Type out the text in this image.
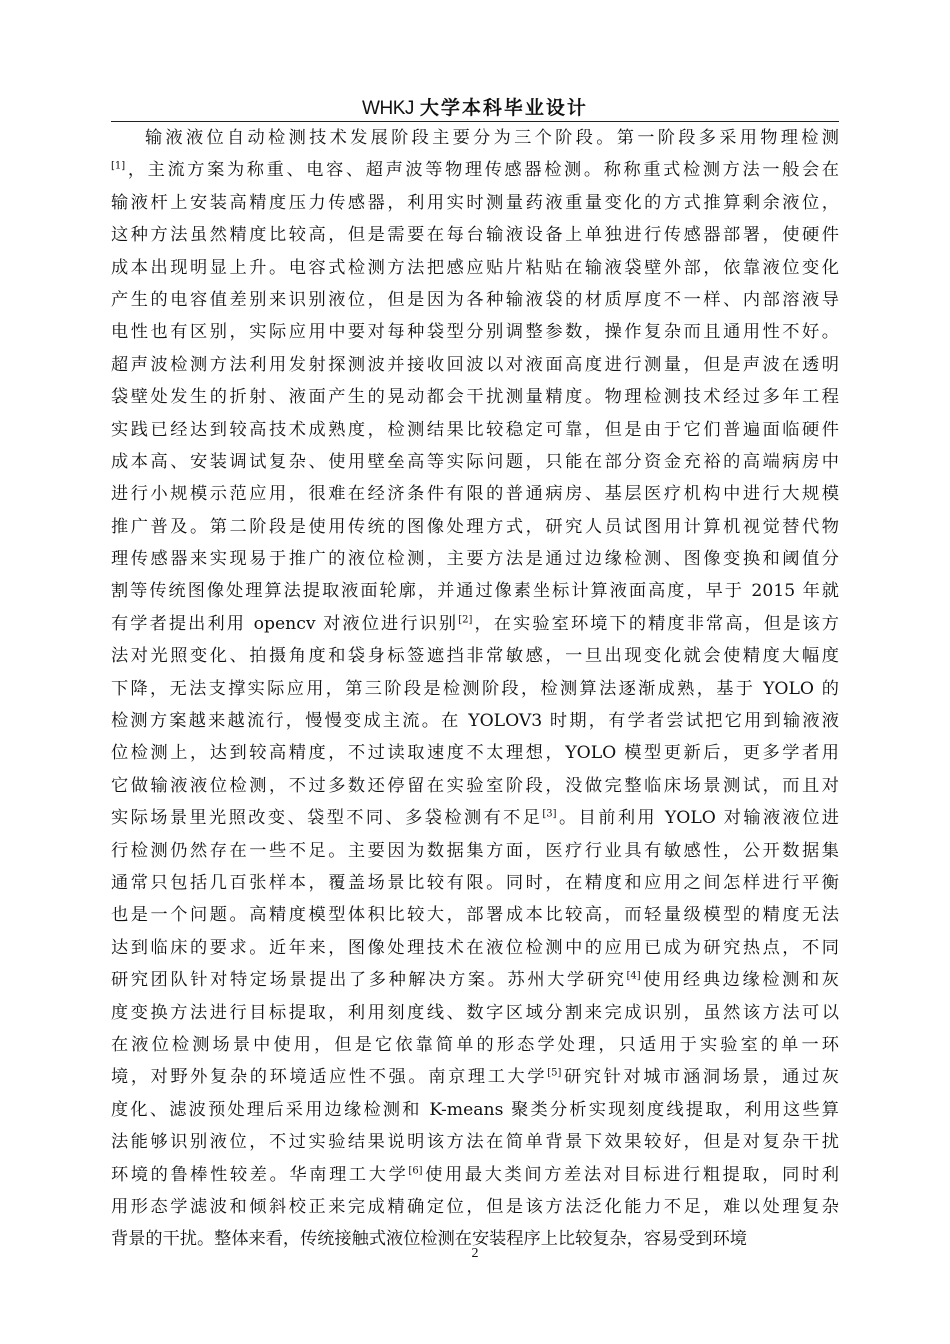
WHKJ 大学本科毕业设计
输液液位自动检测技术发展阶段主要分为三个阶段。第一阶段多采用物理检测
[1]，主流方案为称重、电容、超声波等物理传感器检测。称称重式检测方法一般会在
输液杆上安装高精度压力传感器，利用实时测量药液重量变化的方式推算剩余液位，
这种方法虽然精度比较高，但是需要在每台输液设备上单独进行传感器部署，使硬件
成本出现明显上升。电容式检测方法把感应贴片粘贴在输液袋壁外部，依靠液位变化
产生的电容值差别来识别液位，但是因为各种输液袋的材质厚度不一样、内部溶液导
电性也有区别，实际应用中要对每种袋型分别调整参数，操作复杂而且通用性不好。
超声波检测方法利用发射探测波并接收回波以对液面高度进行测量，但是声波在透明
袋壁处发生的折射、液面产生的晃动都会干扰测量精度。物理检测技术经过多年工程
实践已经达到较高技术成熟度，检测结果比较稳定可靠，但是由于它们普遍面临硬件
成本高、安装调试复杂、使用壁垒高等实际问题，只能在部分资金充裕的高端病房中
进行小规模示范应用，很难在经济条件有限的普通病房、基层医疗机构中进行大规模
推广普及。第二阶段是使用传统的图像处理方式，研究人员试图用计算机视觉替代物
理传感器来实现易于推广的液位检测，主要方法是通过边缘检测、图像变换和阈值分
割等传统图像处理算法提取液面轮廓，并通过像素坐标计算液面高度，早于 2015 年就
有学者提出利用 opencv 对液位进行识别[2]，在实验室环境下的精度非常高，但是该方
法对光照变化、拍摄角度和袋身标签遮挡非常敏感，一旦出现变化就会使精度大幅度
下降，无法支撑实际应用，第三阶段是检测阶段，检测算法逐渐成熟，基于 YOLO 的
检测方案越来越流行，慢慢变成主流。在 YOLOV3 时期，有学者尝试把它用到输液液
位检测上，达到较高精度，不过读取速度不太理想，YOLO 模型更新后，更多学者用
它做输液液位检测，不过多数还停留在实验室阶段，没做完整临床场景测试，而且对
实际场景里光照改变、袋型不同、多袋检测有不足[3]。目前利用 YOLO 对输液液位进
行检测仍然存在一些不足。主要因为数据集方面，医疗行业具有敏感性，公开数据集
通常只包括几百张样本，覆盖场景比较有限。同时，在精度和应用之间怎样进行平衡
也是一个问题。高精度模型体积比较大，部署成本比较高，而轻量级模型的精度无法
达到临床的要求。近年来，图像处理技术在液位检测中的应用已成为研究热点，不同
研究团队针对特定场景提出了多种解决方案。苏州大学研究[4]使用经典边缘检测和灰
度变换方法进行目标提取，利用刻度线、数字区域分割来完成识别，虽然该方法可以
在液位检测场景中使用，但是它依靠简单的形态学处理，只适用于实验室的单一环
境，对野外复杂的环境适应性不强。南京理工大学[5]研究针对城市涵洞场景，通过灰
度化、滤波预处理后采用边缘检测和 K-means 聚类分析实现刻度线提取，利用这些算
法能够识别液位，不过实验结果说明该方法在简单背景下效果较好，但是对复杂干扰
环境的鲁棒性较差。华南理工大学[6]使用最大类间方差法对目标进行粗提取，同时利
用形态学滤波和倾斜校正来完成精确定位，但是该方法泛化能力不足，难以处理复杂
背景的干扰。整体来看，传统接触式液位检测在安装程序上比较复杂，容易受到环境
2
